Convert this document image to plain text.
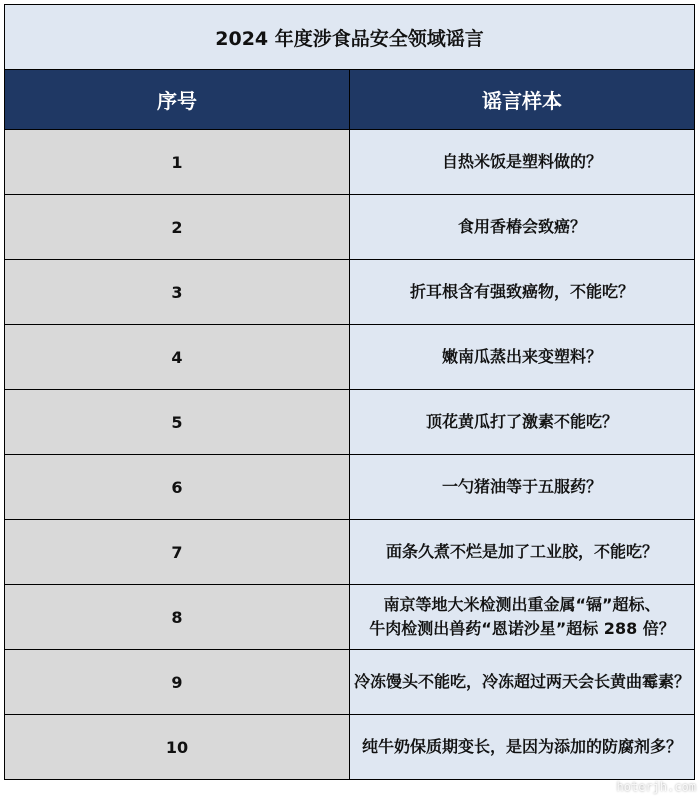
2024 年度涉食品安全领域谣言	
序号	谣言样本
1	自热米饭是塑料做的？

2	食用香椿会致癌？

3	折耳根含有强致癌物，不能吃？

4	嫩南瓜蒸出来变塑料？

5	顶花黄瓜打了激素不能吃？

6	一勺猪油等于五服药？

7	面条久煮不烂是加了工业胶，不能吃？

8	南京等地大米检测出重金属“镉”超标、
牛肉检测出兽药“恩诺沙星”超标 288 倍？

9	冷冻馒头不能吃，冷冻超过两天会长黄曲霉素？

10	纯牛奶保质期变长，是因为添加的防腐剂多？
hoterjh.com
